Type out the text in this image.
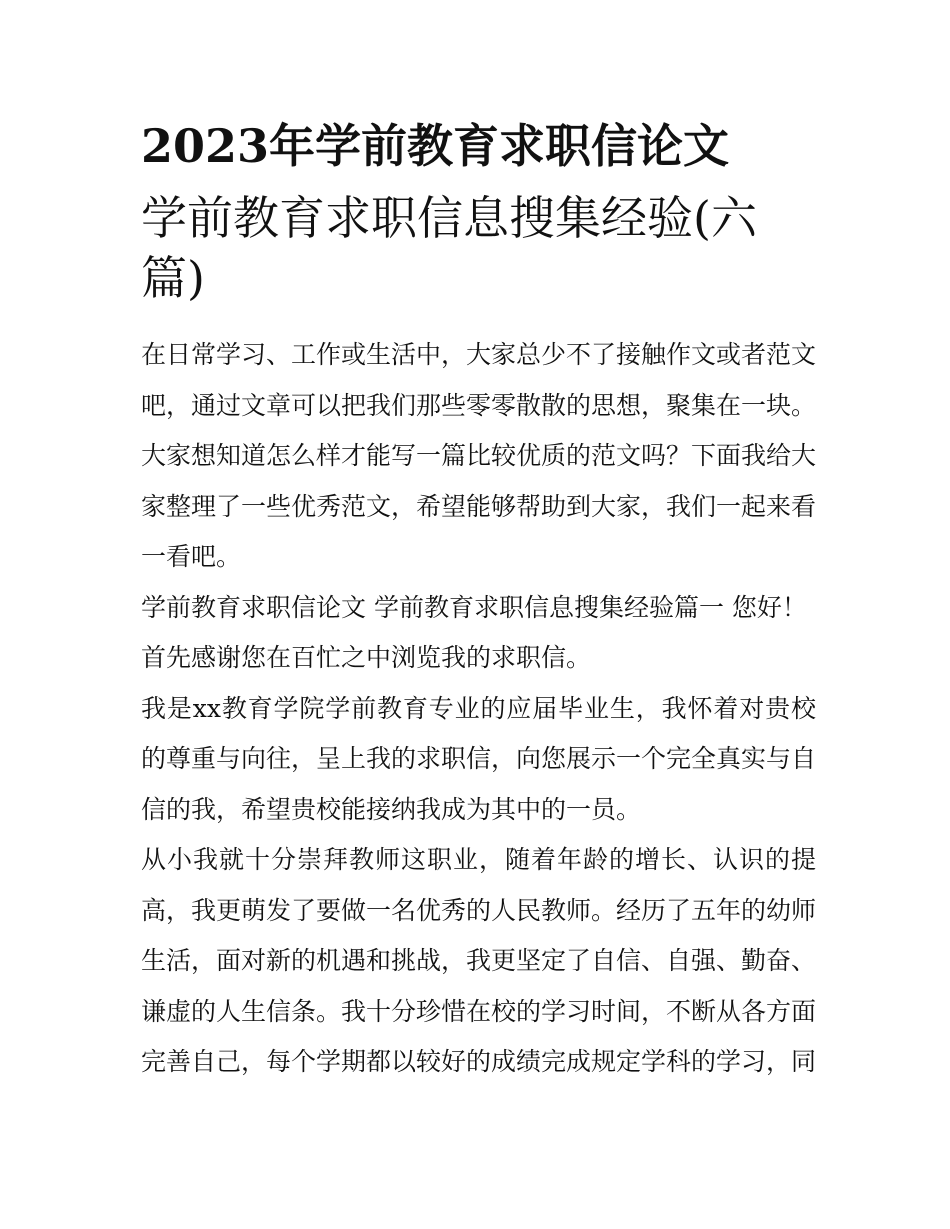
2023年学前教育求职信论文
学前教育求职信息搜集经验(六篇)

在日常学习、工作或生活中，大家总少不了接触作文或者范文吧，通过文章可以把我们那些零零散散的思想，聚集在一块。大家想知道怎么样才能写一篇比较优质的范文吗？下面我给大家整理了一些优秀范文，希望能够帮助到大家，我们一起来看一看吧。

学前教育求职信论文 学前教育求职信息搜集经验篇一 您好！

首先感谢您在百忙之中浏览我的求职信。

我是xx教育学院学前教育专业的应届毕业生，我怀着对贵校的尊重与向往，呈上我的求职信，向您展示一个完全真实与自信的我，希望贵校能接纳我成为其中的一员。

从小我就十分崇拜教师这职业，随着年龄的增长、认识的提高，我更萌发了要做一名优秀的人民教师。经历了五年的幼师生活，面对新的机遇和挑战，我更坚定了自信、自强、勤奋、谦虚的人生信条。我十分珍惜在校的学习时间，不断从各方面完善自己，每个学期都以较好的成绩完成规定学科的学习，同
